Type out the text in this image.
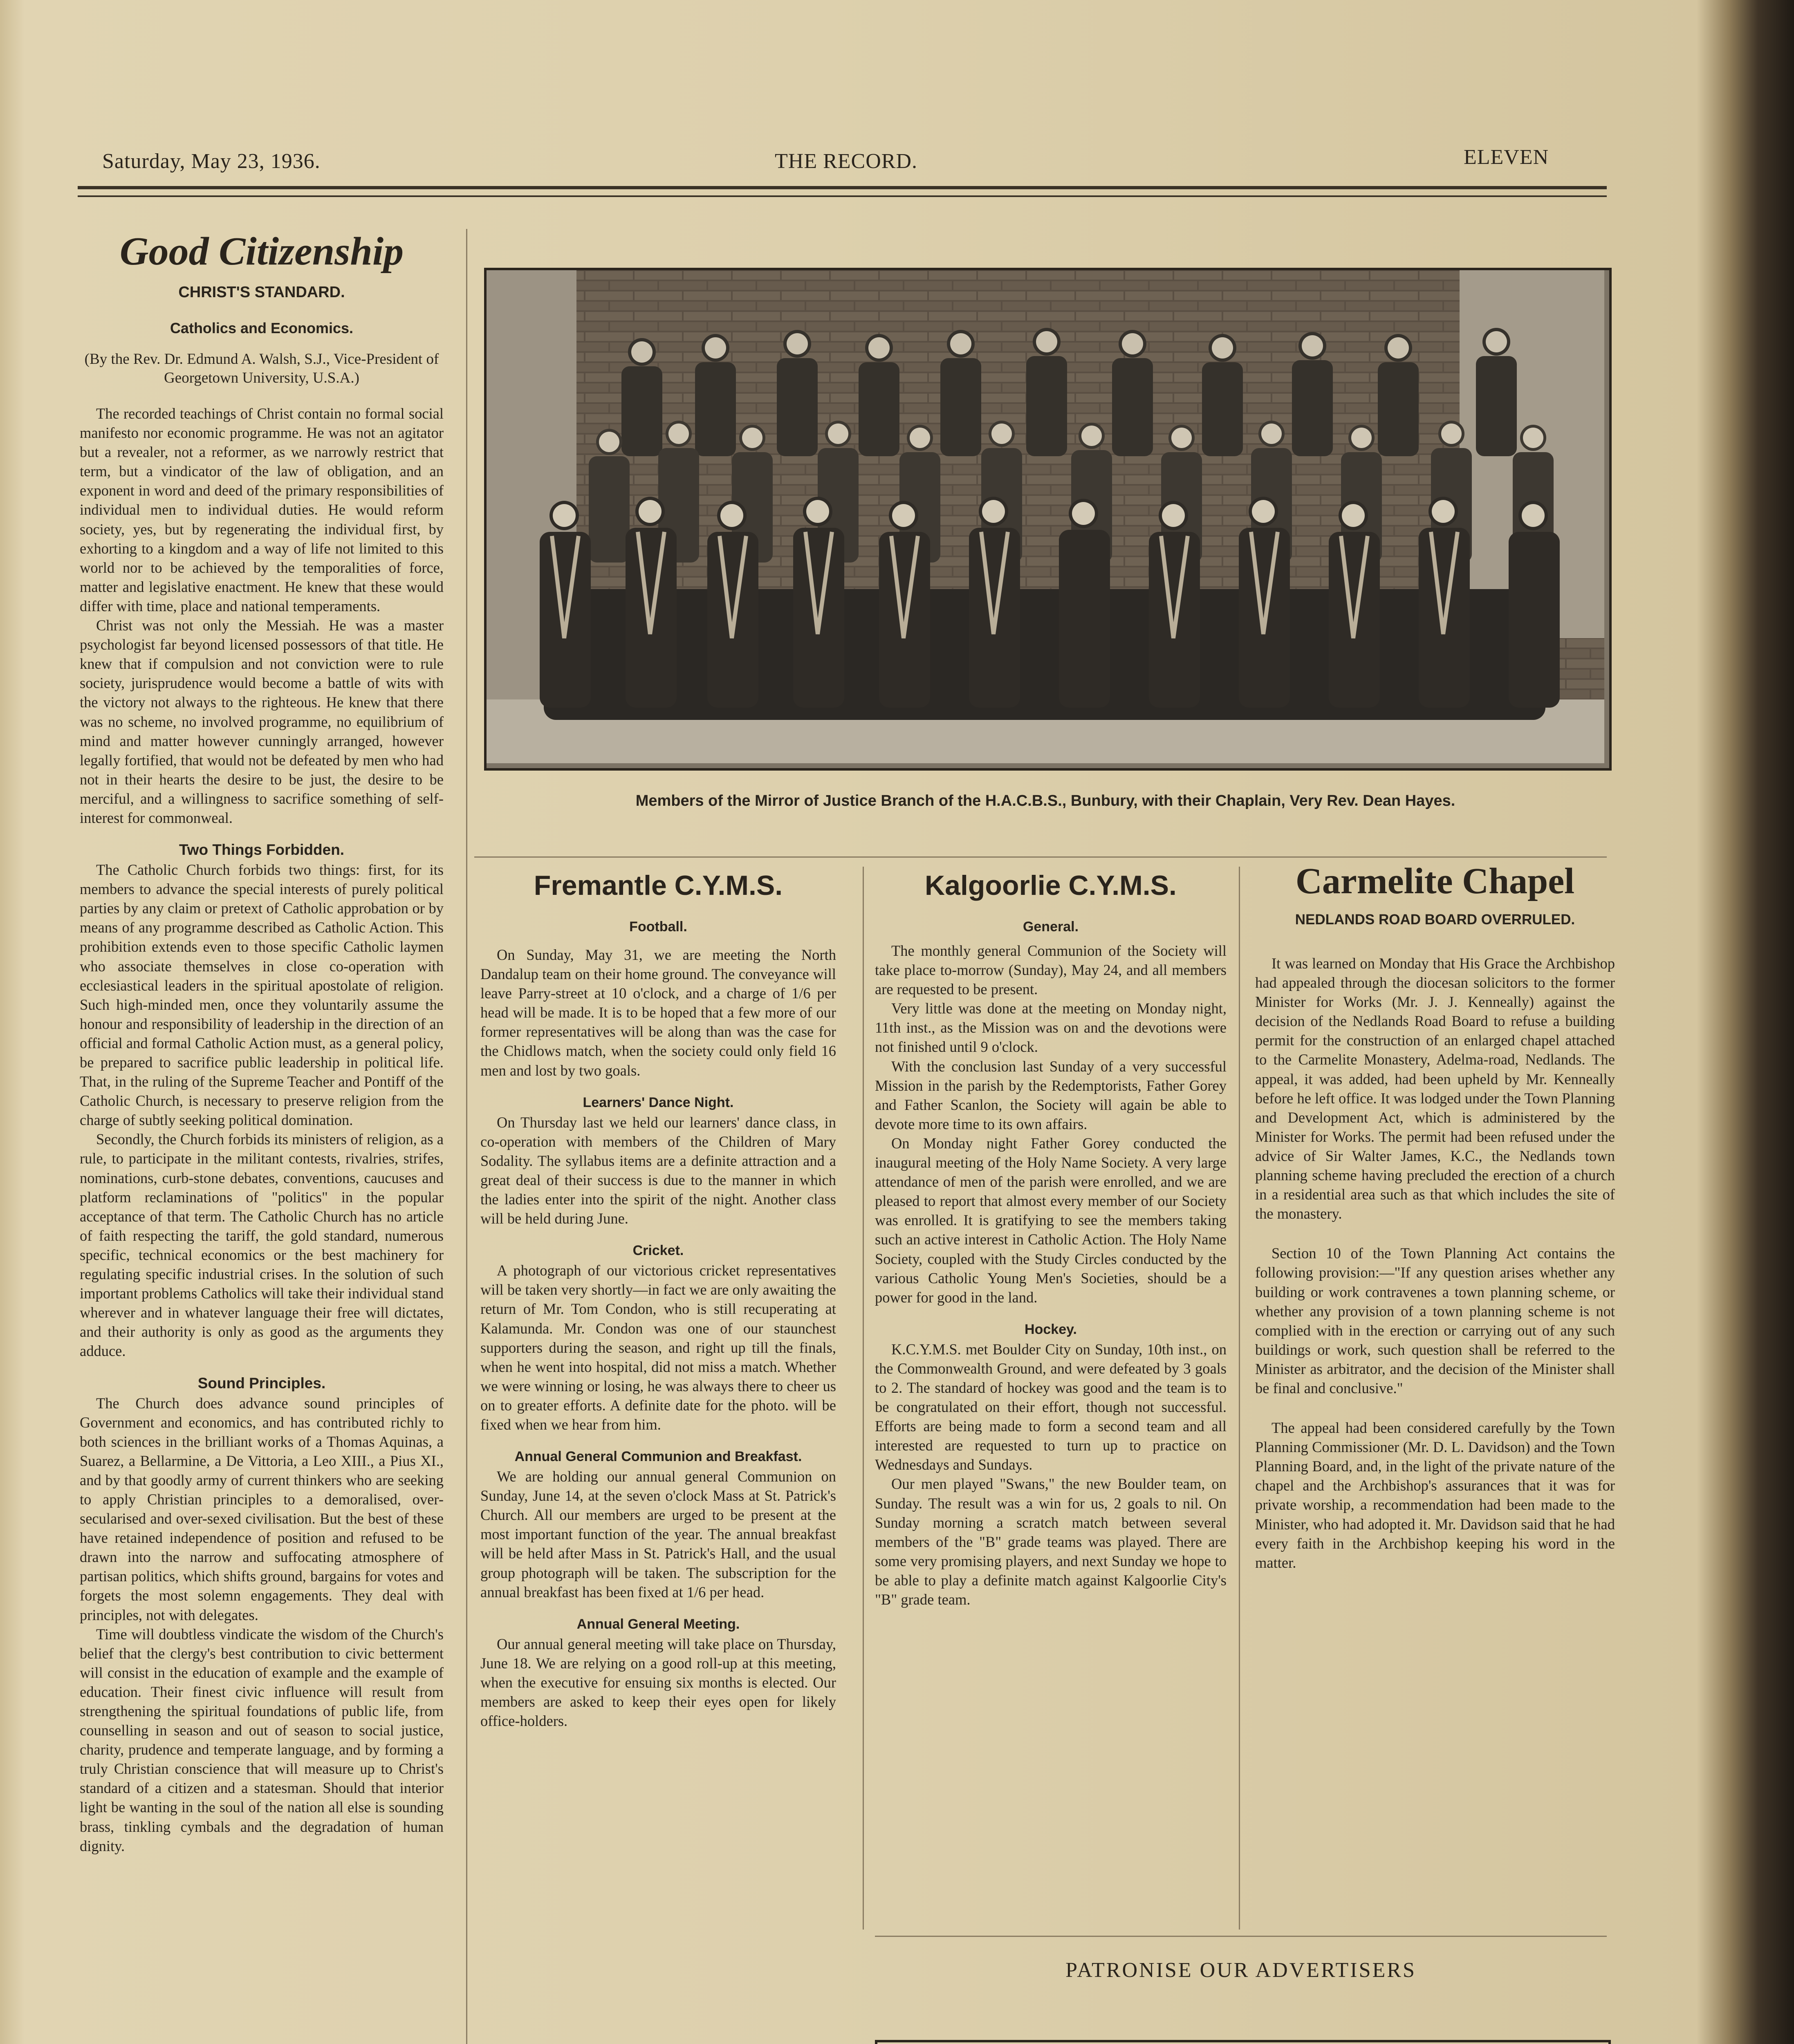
Saturday, May 23, 1936.	THE RECORD.	ELEVEN
Good Citizenship
CHRIST'S STANDARD.
Catholics and Economics.
(By the Rev. Dr. Edmund A. Walsh, S.J., Vice-President of Georgetown University, U.S.A.)

The recorded teachings of Christ contain no formal social manifesto nor economic programme. He was not an agitator but a revealer, not a reformer, as we narrowly restrict that term, but a vindicator of the law of obligation, and an exponent in word and deed of the primary responsibilities of individual men to individual duties. He would reform society, yes, but by regenerating the individual first, by exhorting to a kingdom and a way of life not limited to this world nor to be achieved by the temporalities of force, matter and legislative enactment. He knew that these would differ with time, place and national temperaments.

Christ was not only the Messiah. He was a master psychologist far beyond licensed possessors of that title. He knew that if compulsion and not conviction were to rule society, jurisprudence would become a battle of wits with the victory not always to the righteous. He knew that there was no scheme, no involved programme, no equilibrium of mind and matter however cunningly arranged, however legally fortified, that would not be defeated by men who had not in their hearts the desire to be just, the desire to be merciful, and a willingness to sacrifice something of self-interest for commonweal.

Two Things Forbidden.

The Catholic Church forbids two things: first, for its members to advance the special interests of purely political parties by any claim or pretext of Catholic approbation or by means of any programme described as Catholic Action. This prohibition extends even to those specific Catholic laymen who associate themselves in close co-operation with ecclesiastical leaders in the spiritual apostolate of religion. Such high-minded men, once they voluntarily assume the honour and responsibility of leadership in the direction of an official and formal Catholic Action must, as a general policy, be prepared to sacrifice public leadership in political life. That, in the ruling of the Supreme Teacher and Pontiff of the Catholic Church, is necessary to preserve religion from the charge of subtly seeking political domination.

Secondly, the Church forbids its ministers of religion, as a rule, to participate in the militant contests, rivalries, strifes, nominations, curb-stone debates, conventions, caucuses and platform reclaminations of "politics" in the popular acceptance of that term. The Catholic Church has no article of faith respecting the tariff, the gold standard, numerous specific, technical economics or the best machinery for regulating specific industrial crises. In the solution of such important problems Catholics will take their individual stand wherever and in whatever language their free will dictates, and their authority is only as good as the arguments they adduce.

Sound Principles.

The Church does advance sound principles of Government and economics, and has contributed richly to both sciences in the brilliant works of a Thomas Aquinas, a Suarez, a Bellarmine, a De Vittoria, a Leo XIII., a Pius XI., and by that goodly army of current thinkers who are seeking to apply Christian principles to a demoralised, over-secularised and over-sexed civilisation. But the best of these have retained independence of position and refused to be drawn into the narrow and suffocating atmosphere of partisan politics, which shifts ground, bargains for votes and forgets the most solemn engagements. They deal with principles, not with delegates.

Time will doubtless vindicate the wisdom of the Church's belief that the clergy's best contribution to civic betterment will consist in the education of example and the example of education. Their finest civic influence will result from strengthening the spiritual foundations of public life, from counselling in season and out of season to social justice, charity, prudence and temperate language, and by forming a truly Christian conscience that will measure up to Christ's standard of a citizen and a statesman. Should that interior light be wanting in the soul of the nation all else is sounding brass, tinkling cymbals and the degradation of human dignity.

Members of the Mirror of Justice Branch of the H.A.C.B.S., Bunbury, with their Chaplain, Very Rev. Dean Hayes.
Fremantle C.Y.M.S.
Football.

On Sunday, May 31, we are meeting the North Dandalup team on their home ground. The conveyance will leave Parry-street at 10 o'clock, and a charge of 1/6 per head will be made. It is to be hoped that a few more of our former representatives will be along than was the case for the Chidlows match, when the society could only field 16 men and lost by two goals.

Learners' Dance Night.

On Thursday last we held our learners' dance class, in co-operation with members of the Children of Mary Sodality. The syllabus items are a definite attraction and a great deal of their success is due to the manner in which the ladies enter into the spirit of the night. Another class will be held during June.

Cricket.

A photograph of our victorious cricket representatives will be taken very shortly—in fact we are only awaiting the return of Mr. Tom Condon, who is still recuperating at Kalamunda. Mr. Condon was one of our staunchest supporters during the season, and right up till the finals, when he went into hospital, did not miss a match. Whether we were winning or losing, he was always there to cheer us on to greater efforts. A definite date for the photo. will be fixed when we hear from him.

Annual General Communion and Breakfast.

We are holding our annual general Communion on Sunday, June 14, at the seven o'clock Mass at St. Patrick's Church. All our members are urged to be present at the most important function of the year. The annual breakfast will be held after Mass in St. Patrick's Hall, and the usual group photograph will be taken. The subscription for the annual breakfast has been fixed at 1/6 per head.

Annual General Meeting.

Our annual general meeting will take place on Thursday, June 18. We are relying on a good roll-up at this meeting, when the executive for ensuing six months is elected. Our members are asked to keep their eyes open for likely office-holders.

Kalgoorlie C.Y.M.S.
General.

The monthly general Communion of the Society will take place to-morrow (Sunday), May 24, and all members are requested to be present.

Very little was done at the meeting on Monday night, 11th inst., as the Mission was on and the devotions were not finished until 9 o'clock.

With the conclusion last Sunday of a very successful Mission in the parish by the Redemptorists, Father Gorey and Father Scanlon, the Society will again be able to devote more time to its own affairs.

On Monday night Father Gorey conducted the inaugural meeting of the Holy Name Society. A very large attendance of men of the parish were enrolled, and we are pleased to report that almost every member of our Society was enrolled. It is gratifying to see the members taking such an active interest in Catholic Action. The Holy Name Society, coupled with the Study Circles conducted by the various Catholic Young Men's Societies, should be a power for good in the land.

Hockey.

K.C.Y.M.S. met Boulder City on Sunday, 10th inst., on the Commonwealth Ground, and were defeated by 3 goals to 2. The standard of hockey was good and the team is to be congratulated on their effort, though not successful. Efforts are being made to form a second team and all interested are requested to turn up to practice on Wednesdays and Sundays.

Our men played "Swans," the new Boulder team, on Sunday. The result was a win for us, 2 goals to nil. On Sunday morning a scratch match between several members of the "B" grade teams was played. There are some very promising players, and next Sunday we hope to be able to play a definite match against Kalgoorlie City's "B" grade team.

Carmelite Chapel
NEDLANDS ROAD BOARD OVERRULED.

It was learned on Monday that His Grace the Archbishop had appealed through the diocesan solicitors to the former Minister for Works (Mr. J. J. Kenneally) against the decision of the Nedlands Road Board to refuse a building permit for the construction of an enlarged chapel attached to the Carmelite Monastery, Adelma-road, Nedlands. The appeal, it was added, had been upheld by Mr. Kenneally before he left office. It was lodged under the Town Planning and Development Act, which is administered by the Minister for Works. The permit had been refused under the advice of Sir Walter James, K.C., the Nedlands town planning scheme having precluded the erection of a church in a residential area such as that which includes the site of the monastery.

Section 10 of the Town Planning Act contains the following provision:—"If any question arises whether any building or work contravenes a town planning scheme, or whether any provision of a town planning scheme is not complied with in the erection or carrying out of any such buildings or work, such question shall be referred to the Minister as arbitrator, and the decision of the Minister shall be final and conclusive."

The appeal had been considered carefully by the Town Planning Commissioner (Mr. D. L. Davidson) and the Town Planning Board, and, in the light of the private nature of the chapel and the Archbishop's assurances that it was for private worship, a recommendation had been made to the Minister, who had adopted it. Mr. Davidson said that he had every faith in the Archbishop keeping his word in the matter.

PATRONISE OUR ADVERTISERS
